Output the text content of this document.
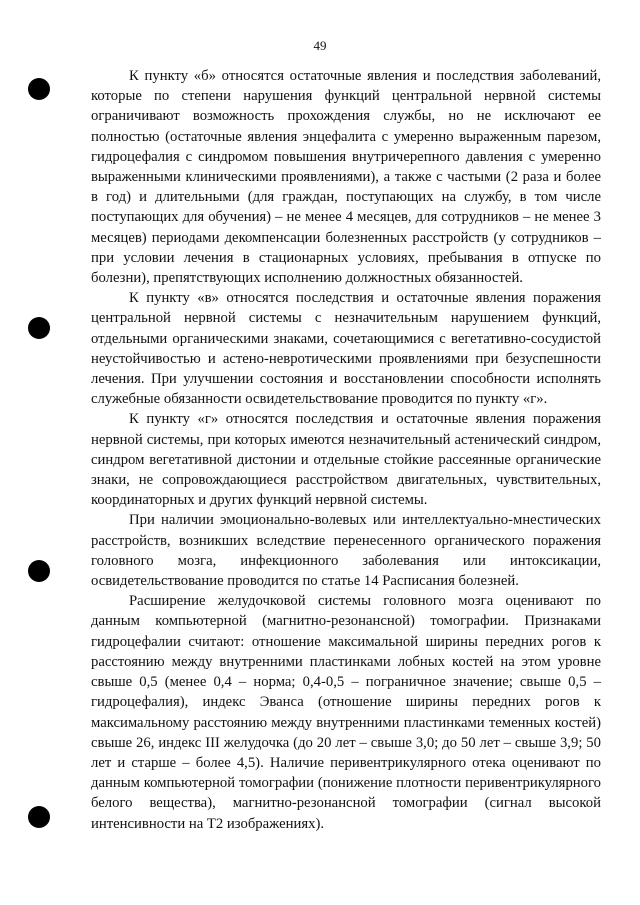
49

К пункту «б» относятся остаточные явления и последствия заболеваний, которые по степени нарушения функций центральной нервной системы ограничивают возможность прохождения службы, но не исключают ее полностью (остаточные явления энцефалита с умеренно выраженным парезом, гидроцефалия с синдромом повышения внутричерепного давления с умеренно выраженными клиническими проявлениями), а также с частыми (2 раза и более в год) и длительными (для граждан, поступающих на службу, в том числе поступающих для обучения) – не менее 4 месяцев, для сотрудников – не менее 3 месяцев) периодами декомпенсации болезненных расстройств (у сотрудников – при условии лечения в стационарных условиях, пребывания в отпуске по болезни), препятствующих исполнению должностных обязанностей.

К пункту «в» относятся последствия и остаточные явления поражения центральной нервной системы с незначительным нарушением функций, отдельными органическими знаками, сочетающимися с вегетативно-сосудистой неустойчивостью и астено-невротическими проявлениями при безуспешности лечения. При улучшении состояния и восстановлении способности исполнять служебные обязанности освидетельствование проводится по пункту «г».

К пункту «г» относятся последствия и остаточные явления поражения нервной системы, при которых имеются незначительный астенический синдром, синдром вегетативной дистонии и отдельные стойкие рассеянные органические знаки, не сопровождающиеся расстройством двигательных, чувствительных, координаторных и других функций нервной системы.

При наличии эмоционально-волевых или интеллектуально-мнестических расстройств, возникших вследствие перенесенного органического поражения головного мозга, инфекционного заболевания или интоксикации, освидетельствование проводится по статье 14 Расписания болезней.

Расширение желудочковой системы головного мозга оценивают по данным компьютерной (магнитно-резонансной) томографии. Признаками гидроцефалии считают: отношение максимальной ширины передних рогов к расстоянию между внутренними пластинками лобных костей на этом уровне свыше 0,5 (менее 0,4 – норма; 0,4-0,5 – пограничное значение; свыше 0,5 – гидроцефалия), индекс Эванса (отношение ширины передних рогов к максимальному расстоянию между внутренними пластинками теменных костей) свыше 26, индекс III желудочка (до 20 лет – свыше 3,0; до 50 лет – свыше 3,9; 50 лет и старше – более 4,5). Наличие перивентрикулярного отека оценивают по данным компьютерной томографии (понижение плотности перивентрикулярного белого вещества), магнитно-резонансной томографии (сигнал высокой интенсивности на Т2 изображениях).
